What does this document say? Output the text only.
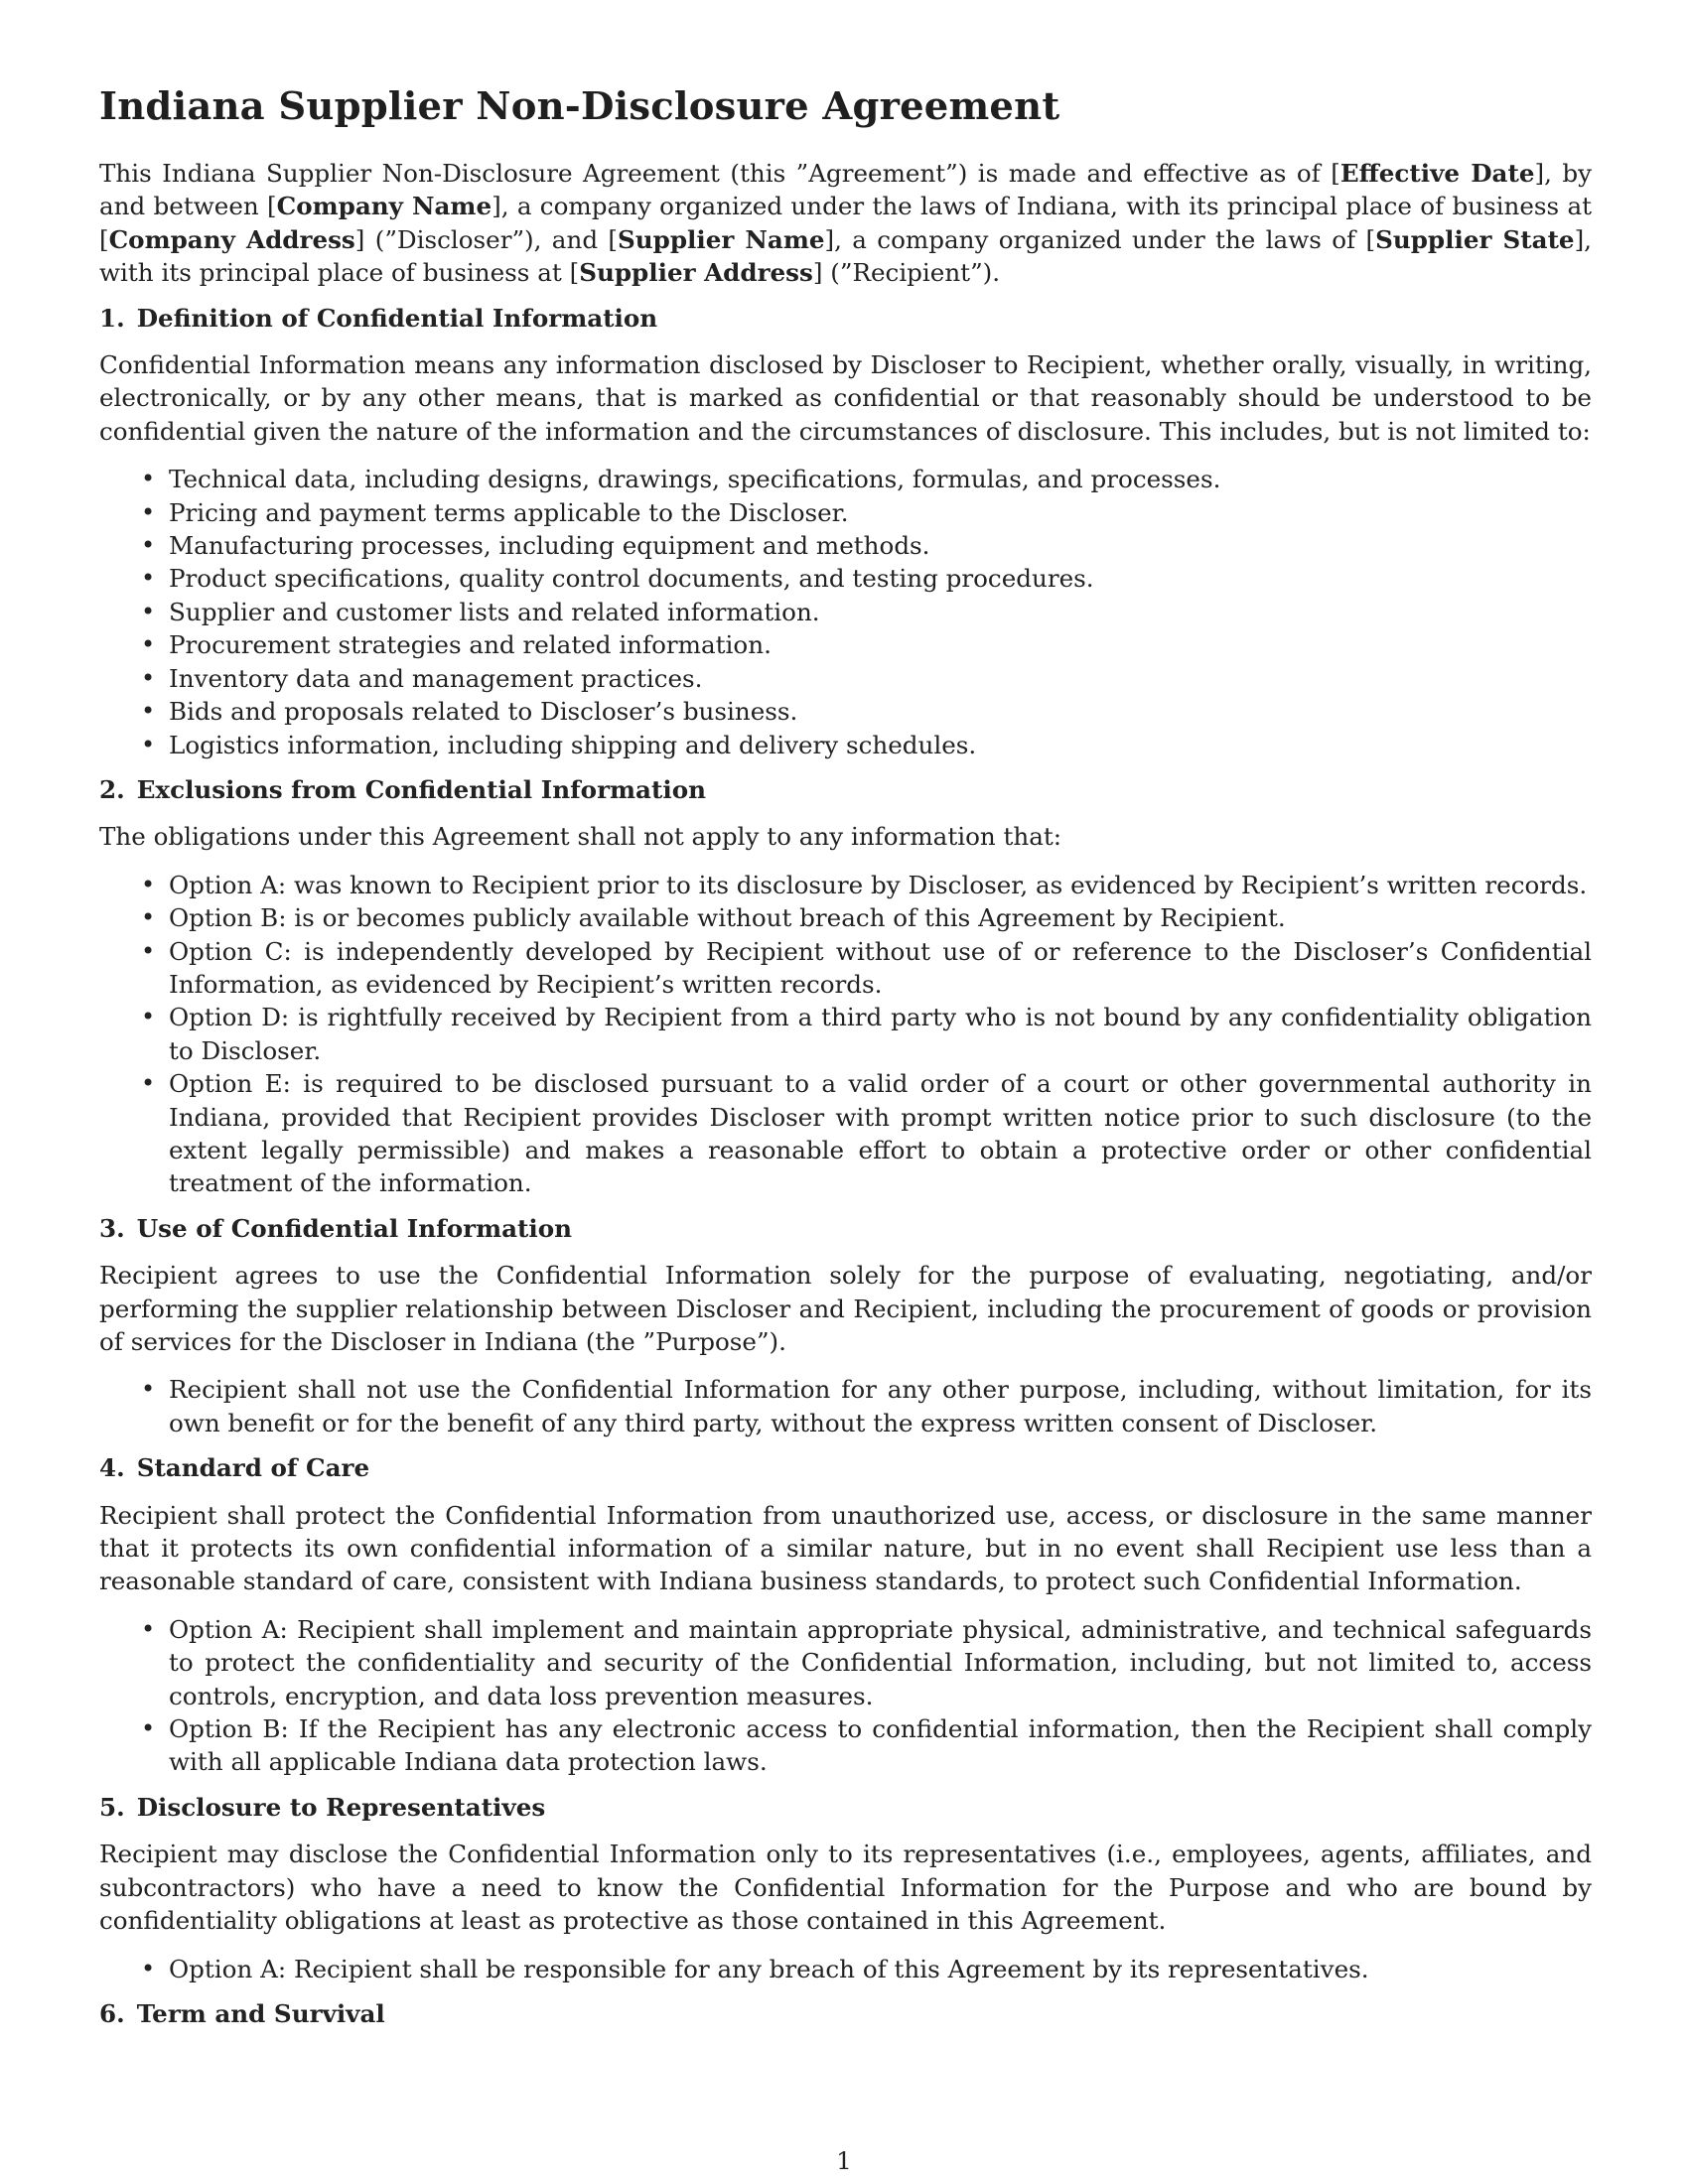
Indiana Supplier Non-Disclosure Agreement

This Indiana Supplier Non-Disclosure Agreement (this ”Agreement”) is made and effective as of [Effective Date], by and between [Company Name], a company organized under the laws of Indiana, with its principal place of business at [Company Address] (”Discloser”), and [Supplier Name], a company organized under the laws of [Supplier State], with its principal place of business at [Supplier Address] (”Recipient”).

1. Definition of Confidential Information

Confidential Information means any information disclosed by Discloser to Recipient, whether orally, visually, in writing, electronically, or by any other means, that is marked as confidential or that reasonably should be understood to be confidential given the nature of the information and the circumstances of disclosure. This includes, but is not limited to:

• Technical data, including designs, drawings, specifications, formulas, and processes.
• Pricing and payment terms applicable to the Discloser.
• Manufacturing processes, including equipment and methods.
• Product specifications, quality control documents, and testing procedures.
• Supplier and customer lists and related information.
• Procurement strategies and related information.
• Inventory data and management practices.
• Bids and proposals related to Discloser’s business.
• Logistics information, including shipping and delivery schedules.
2. Exclusions from Confidential Information

The obligations under this Agreement shall not apply to any information that:

• Option A: was known to Recipient prior to its disclosure by Discloser, as evidenced by Recipient’s written records.
• Option B: is or becomes publicly available without breach of this Agreement by Recipient.
• Option C: is independently developed by Recipient without use of or reference to the Discloser’s Confidential Information, as evidenced by Recipient’s written records.
• Option D: is rightfully received by Recipient from a third party who is not bound by any confidentiality obligation to Discloser.
• Option E: is required to be disclosed pursuant to a valid order of a court or other governmental authority in Indiana, provided that Recipient provides Discloser with prompt written notice prior to such disclosure (to the extent legally permissible) and makes a reasonable effort to obtain a protective order or other confidential treatment of the information.
3. Use of Confidential Information

Recipient agrees to use the Confidential Information solely for the purpose of evaluating, negotiating, and/or performing the supplier relationship between Discloser and Recipient, including the procurement of goods or provision of services for the Discloser in Indiana (the ”Purpose”).

• Recipient shall not use the Confidential Information for any other purpose, including, without limitation, for its own benefit or for the benefit of any third party, without the express written consent of Discloser.
4. Standard of Care

Recipient shall protect the Confidential Information from unauthorized use, access, or disclosure in the same manner that it protects its own confidential information of a similar nature, but in no event shall Recipient use less than a reasonable standard of care, consistent with Indiana business standards, to protect such Confidential Information.

• Option A: Recipient shall implement and maintain appropriate physical, administrative, and technical safeguards to protect the confidentiality and security of the Confidential Information, including, but not limited to, access controls, encryption, and data loss prevention measures.
• Option B: If the Recipient has any electronic access to confidential information, then the Recipient shall comply with all applicable Indiana data protection laws.
5. Disclosure to Representatives

Recipient may disclose the Confidential Information only to its representatives (i.e., employees, agents, affiliates, and subcontractors) who have a need to know the Confidential Information for the Purpose and who are bound by confidentiality obligations at least as protective as those contained in this Agreement.

• Option A: Recipient shall be responsible for any breach of this Agreement by its representatives.
6. Term and Survival
1
